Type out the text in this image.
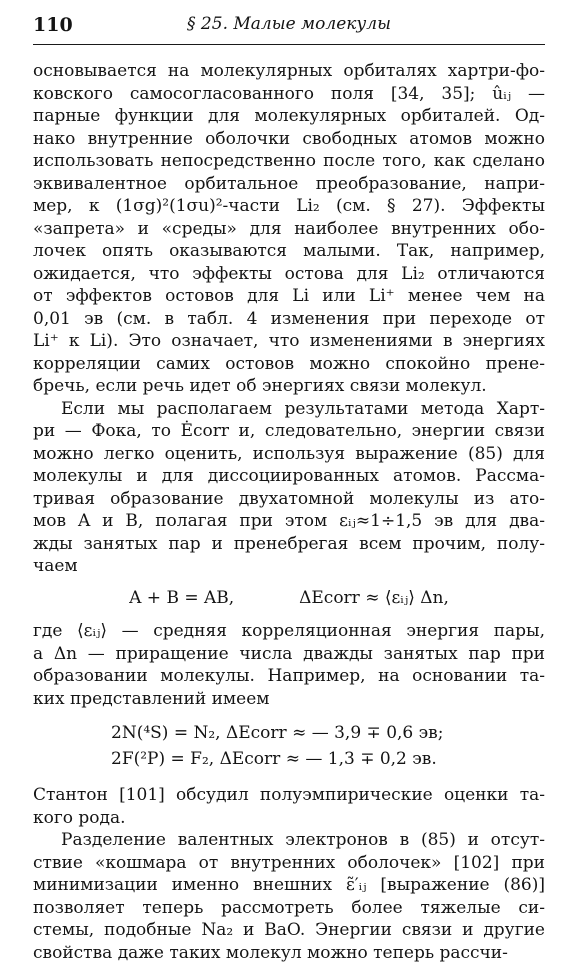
110	§ 25. Малые молекулы
основывается на молекулярных орбиталях хартри-фо-
ковского самосогласованного поля [34, 35]; ûᵢⱼ —
парные функции для молекулярных орбиталей. Од-
нако внутренние оболочки свободных атомов можно
использовать непосредственно после того, как сделано
эквивалентное орбитальное преобразование, напри-
мер, к (1σg)²(1σu)²-части Li₂ (см. § 27). Эффекты
«запрета» и «среды» для наиболее внутренних обо-
лочек опять оказываются малыми. Так, например,
ожидается, что эффекты остова для Li₂ отличаются
от эффектов остовов для Li или Li⁺ менее чем на
0,01 эв (см. в табл. 4 изменения при переходе от
Li⁺ к Li). Это означает, что изменениями в энергиях
корреляции самих остовов можно спокойно прене-
бречь, если речь идет об энергиях связи молекул.
Если мы располагаем результатами метода Харт-
ри — Фока, то Ėcorr и, следовательно, энергии связи
можно легко оценить, используя выражение (85) для
молекулы и для диссоциированных атомов. Рассма-
тривая образование двухатомной молекулы из ато-
мов A и B, полагая при этом εᵢⱼ≈1÷1,5 эв для два-
жды занятых пар и пренебрегая всем прочим, полу-
чаем
A + B = AB,	ΔEcorr ≈ ⟨εᵢⱼ⟩ Δn,
где ⟨εᵢⱼ⟩ — средняя корреляционная энергия пары,
а Δn — приращение числа дважды занятых пар при
образовании молекулы. Например, на основании та-
ких представлений имеем
2N(⁴S) = N₂, ΔEcorr ≈ — 3,9 ∓ 0,6 эв;
2F(²P) = F₂, ΔEcorr ≈ — 1,3 ∓ 0,2 эв.
Стантон [101] обсудил полуэмпирические оценки та-
кого рода.
Разделение валентных электронов в (85) и отсут-
ствие «кошмара от внутренних оболочек» [102] при
минимизации именно внешних ε̃′ᵢⱼ [выражение (86)]
позволяет теперь рассмотреть более тяжелые си-
стемы, подобные Na₂ и BaO. Энергии связи и другие
свойства даже таких молекул можно теперь рассчи-
